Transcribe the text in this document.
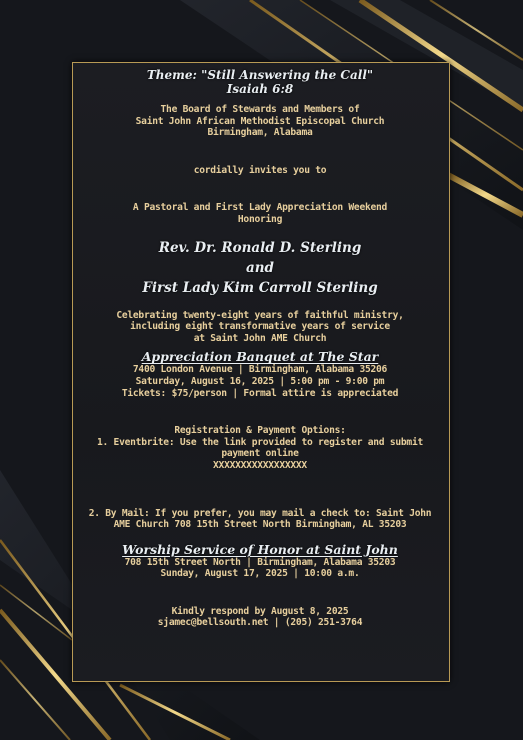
Theme: "Still Answering the Call"
Isaiah 6:8
The Board of Stewards and Members of
Saint John African Methodist Episcopal Church
Birmingham, Alabama
cordially invites you to
A Pastoral and First Lady Appreciation Weekend
Honoring
Rev. Dr. Ronald D. Sterling
and
First Lady Kim Carroll Sterling
Celebrating twenty-eight years of faithful ministry,
including eight transformative years of service
at Saint John AME Church
Appreciation Banquet at The Star
7400 London Avenue | Birmingham, Alabama 35206
Saturday, August 16, 2025 | 5:00 pm - 9:00 pm
Tickets: $75/person | Formal attire is appreciated
Registration & Payment Options:
1. Eventbrite: Use the link provided to register and submit
payment online
XXXXXXXXXXXXXXXXX
2. By Mail: If you prefer, you may mail a check to: Saint John
AME Church 708 15th Street North Birmingham, AL 35203
Worship Service of Honor at Saint John
708 15th Street North | Birmingham, Alabama 35203
Sunday, August 17, 2025 | 10:00 a.m.
Kindly respond by August 8, 2025
sjamec@bellsouth.net | (205) 251-3764
